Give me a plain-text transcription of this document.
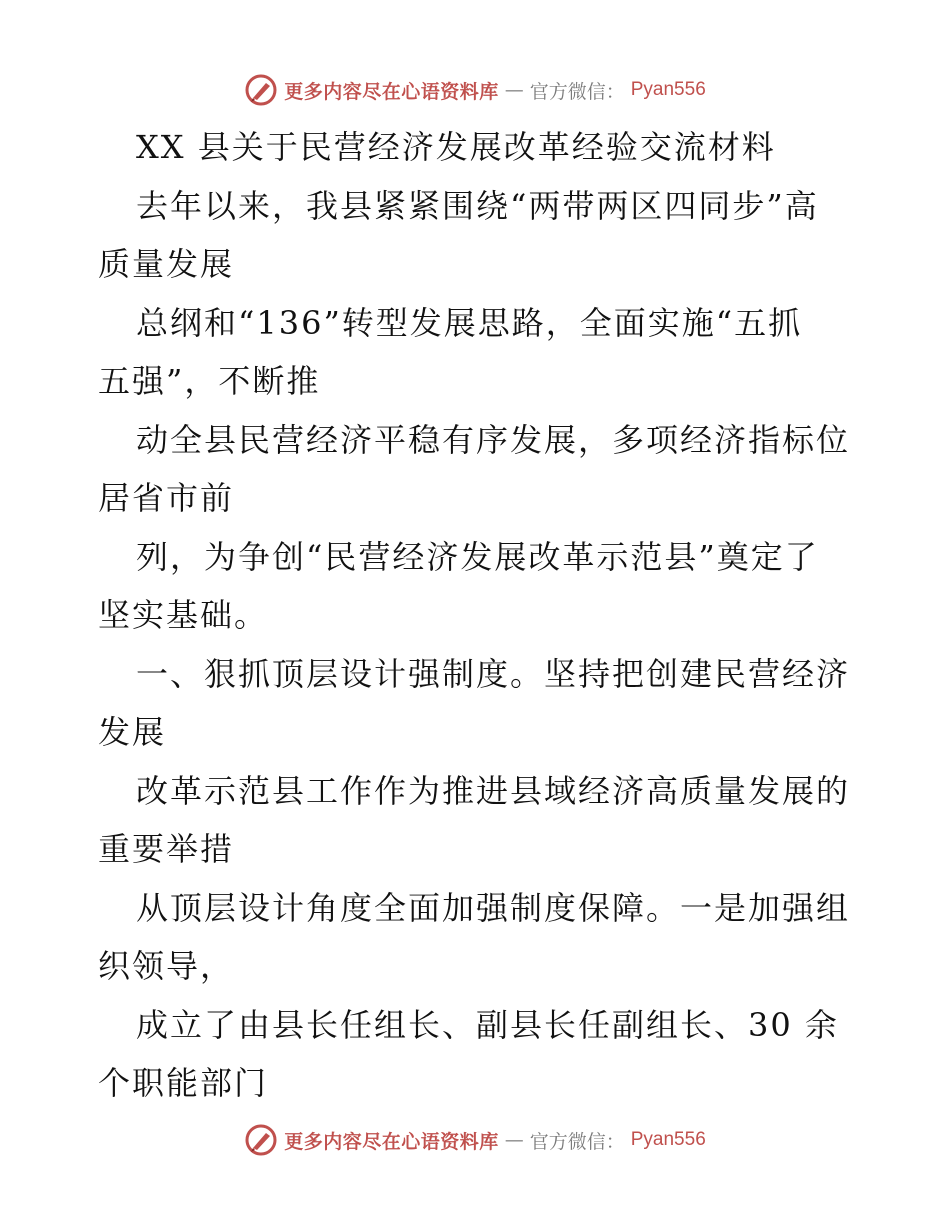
更多内容尽在心语资料库 — 官方微信： Pyan556
XX 县关于民营经济发展改革经验交流材料
去年以来，我县紧紧围绕“两带两区四同步”高
质量发展
总纲和“136”转型发展思路，全面实施“五抓
五强”，不断推
动全县民营经济平稳有序发展，多项经济指标位
居省市前
列，为争创“民营经济发展改革示范县”奠定了
坚实基础。
一、狠抓顶层设计强制度。坚持把创建民营经济
发展
改革示范县工作作为推进县域经济高质量发展的
重要举措
从顶层设计角度全面加强制度保障。一是加强组
织领导，
成立了由县长任组长、副县长任副组长、30 余
个职能部门
更多内容尽在心语资料库 — 官方微信： Pyan556
